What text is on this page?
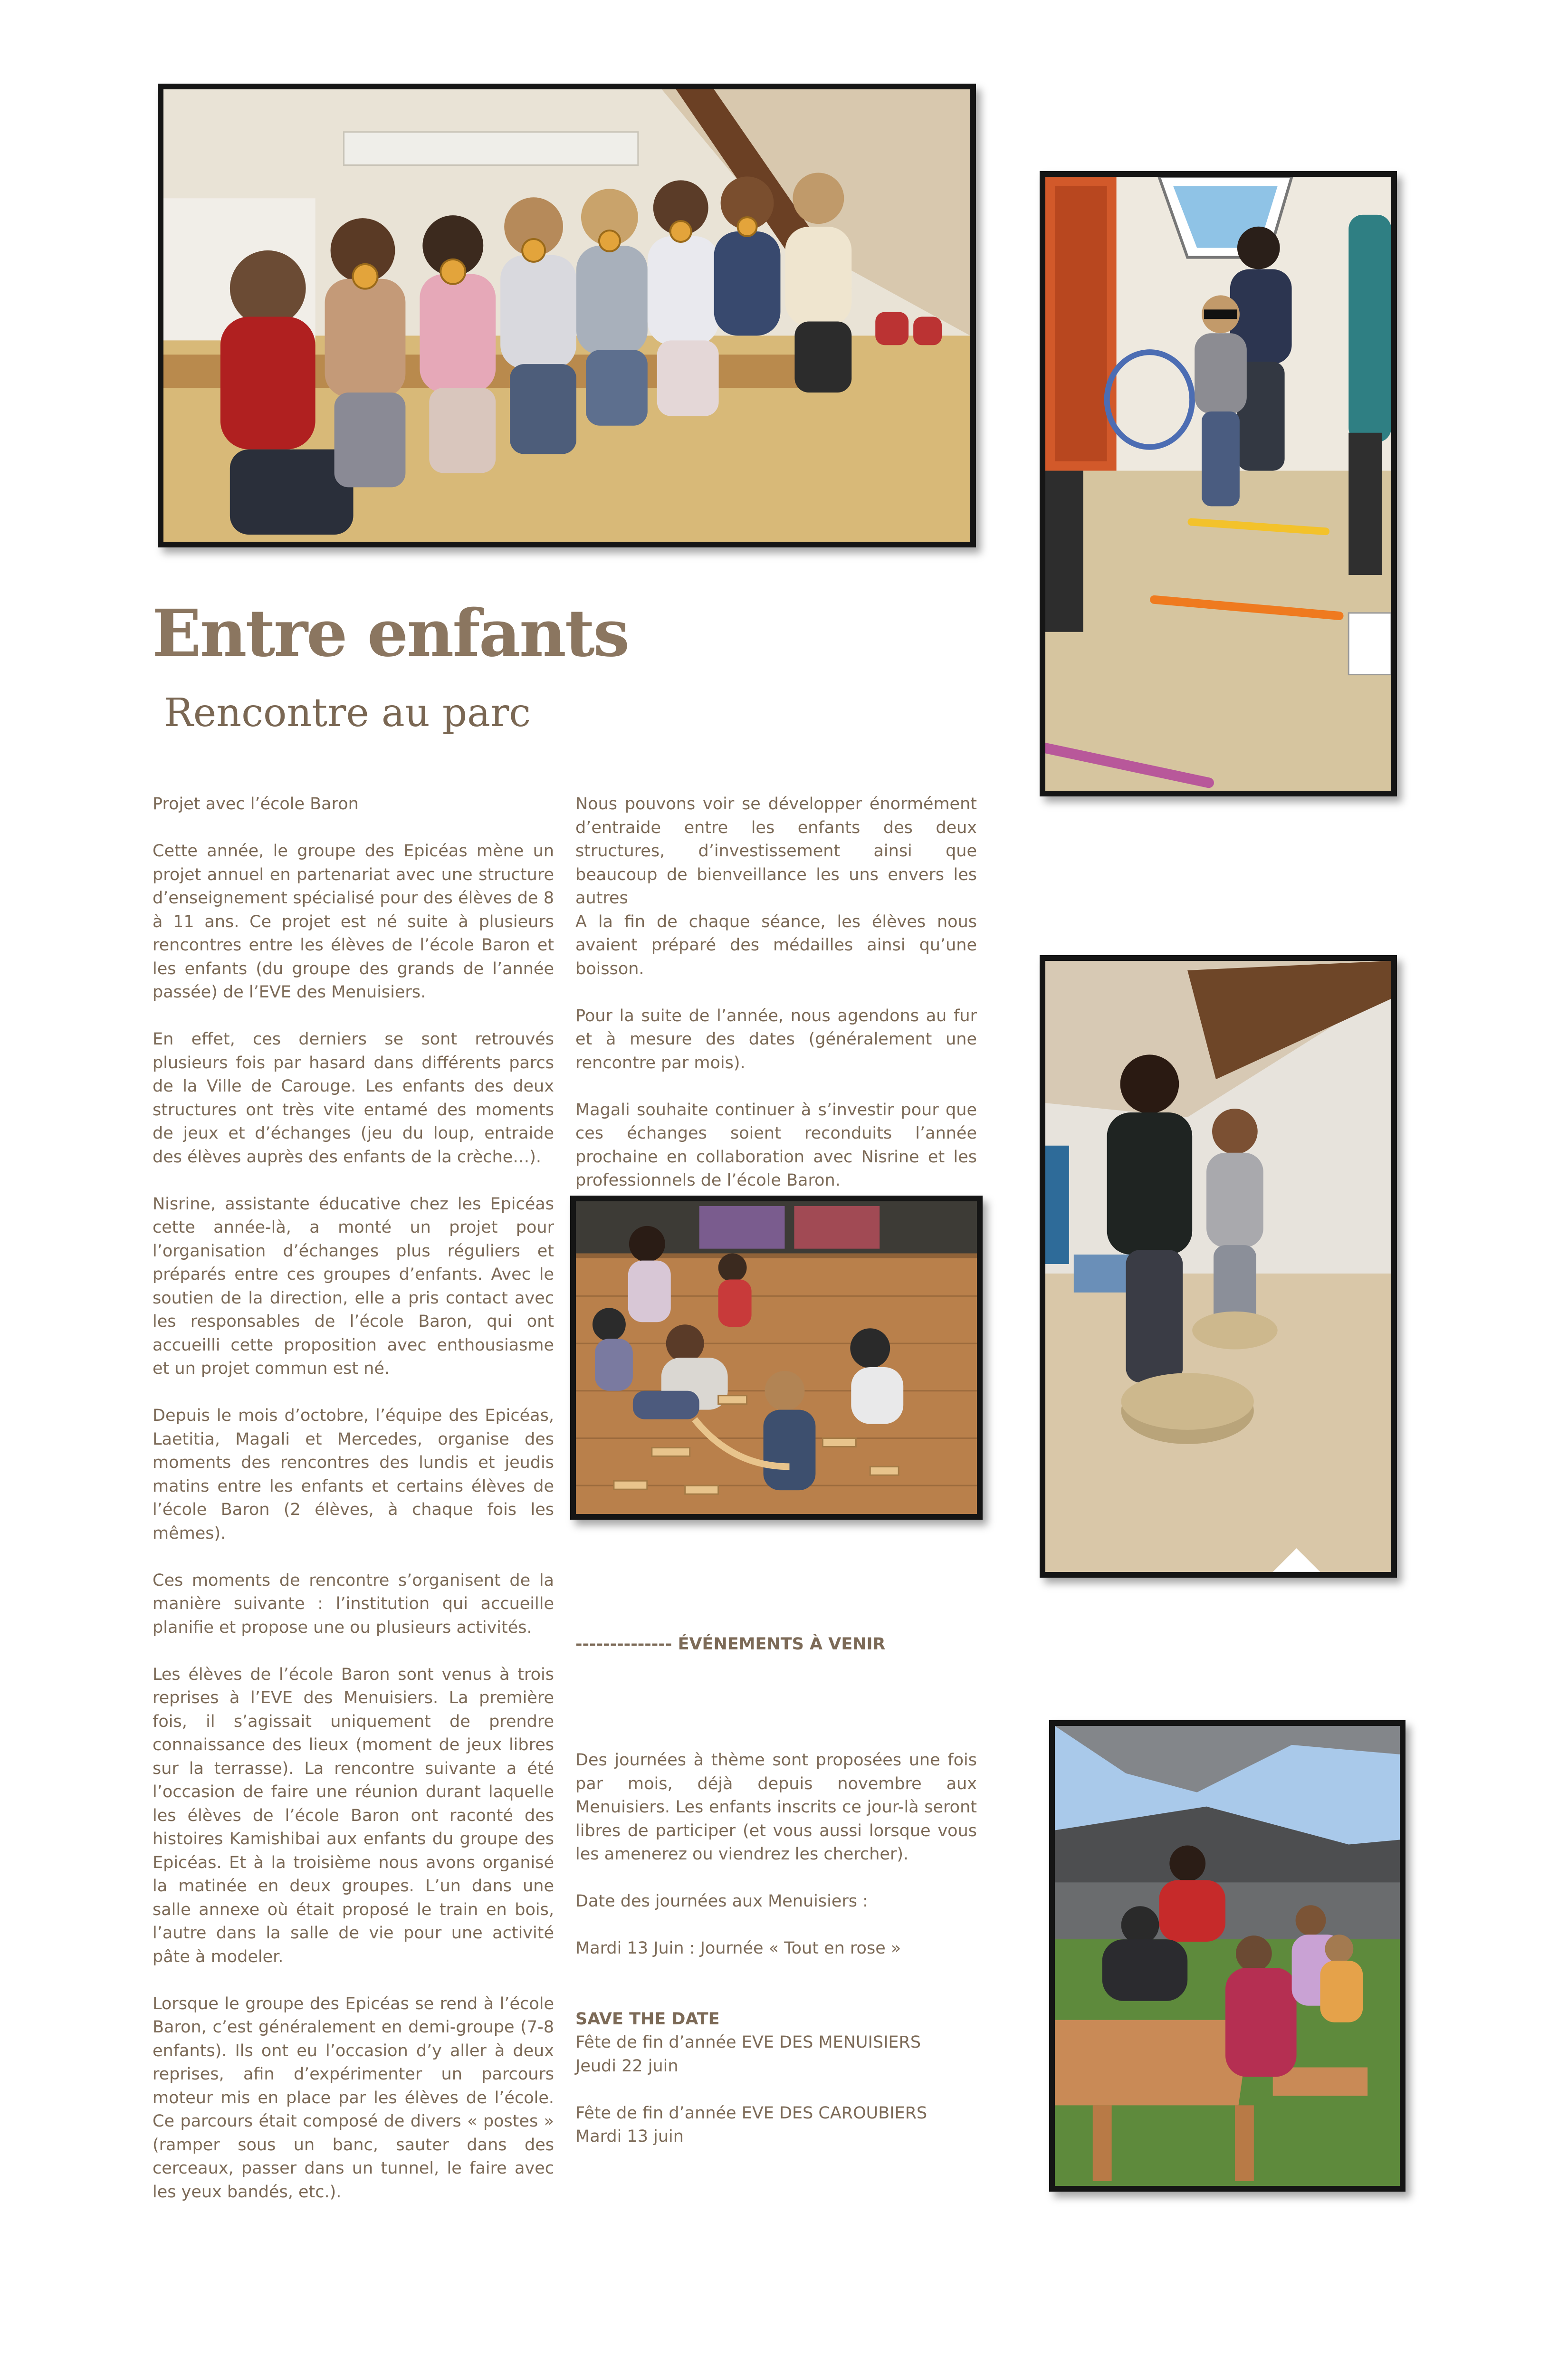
Entre enfants
Rencontre au parc

Projet avec l’école Baron

Cette année, le groupe des Epicéas mène un projet annuel en partenariat avec une structure d’enseignement spécialisé pour des élèves de 8 à 11 ans. Ce projet est né suite à plusieurs rencontres entre les élèves de l’école Baron et les enfants (du groupe des grands de l’année passée) de l’EVE des Menuisiers.

En effet, ces derniers se sont retrouvés plusieurs fois par hasard dans différents parcs de la Ville de Carouge. Les enfants des deux structures ont très vite entamé des moments de jeux et d’échanges (jeu du loup, entraide des élèves auprès des enfants de la crèche…).

Nisrine, assistante éducative chez les Epicéas cette année-là, a monté un projet pour l’organisation d’échanges plus réguliers et préparés entre ces groupes d’enfants. Avec le soutien de la direction, elle a pris contact avec les responsables de l’école Baron, qui ont accueilli cette proposition avec enthousiasme et un projet commun est né.

Depuis le mois d’octobre, l’équipe des Epicéas, Laetitia, Magali et Mercedes, organise des moments des rencontres des lundis et jeudis matins entre les enfants et certains élèves de l’école Baron (2 élèves, à chaque fois les mêmes).

Ces moments de rencontre s’organisent de la manière suivante : l’institution qui accueille planifie et propose une ou plusieurs activités.

Les élèves de l’école Baron sont venus à trois reprises à l’EVE des Menuisiers. La première fois, il s’agissait uniquement de prendre connaissance des lieux (moment de jeux libres sur la terrasse). La rencontre suivante a été l’occasion de faire une réunion durant laquelle les élèves de l’école Baron ont raconté des histoires Kamishibai aux enfants du groupe des Epicéas. Et à la troisième nous avons organisé la matinée en deux groupes. L’un dans une salle annexe où était proposé le train en bois, l’autre dans la salle de vie pour une activité pâte à modeler.

Lorsque le groupe des Epicéas se rend à l’école Baron, c’est généralement en demi-groupe (7-8 enfants). Ils ont eu l’occasion d’y aller à deux reprises, afin d’expérimenter un parcours moteur mis en place par les élèves de l’école. Ce parcours était composé de divers « postes » (ramper sous un banc, sauter dans des cerceaux, passer dans un tunnel, le faire avec les yeux bandés, etc.).

Nous pouvons voir se développer énormément d’entraide entre les enfants des deux structures, d’investissement ainsi que beaucoup de bienveillance les uns envers les autres

A la fin de chaque séance, les élèves nous avaient préparé des médailles ainsi qu’une boisson.

Pour la suite de l’année, nous agendons au fur et à mesure des dates (généralement une rencontre par mois).

Magali souhaite continuer à s’investir pour que ces échanges soient reconduits l’année prochaine en collaboration avec Nisrine et les professionnels de l’école Baron.

-------------- ÉVÉNEMENTS À VENIR

Des journées à thème sont proposées une fois par mois, déjà depuis novembre aux Menuisiers. Les enfants inscrits ce jour-là seront libres de participer (et vous aussi lorsque vous les amenerez ou viendrez les chercher).

Date des journées aux Menuisiers :

Mardi 13 Juin : Journée « Tout en rose »

SAVE THE DATE

Fête de fin d’année EVE DES MENUISIERS

Jeudi 22 juin

Fête de fin d’année EVE DES CAROUBIERS

Mardi 13 juin
